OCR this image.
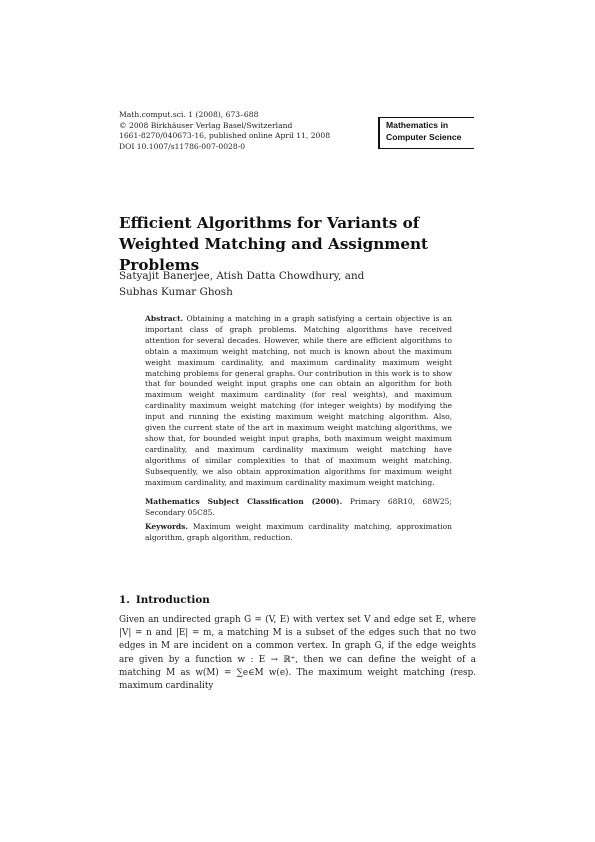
Math.comput.sci. 1 (2008), 673–688
© 2008 Birkhäuser Verlag Basel/Switzerland
1661-8270/040673-16, published online April 11, 2008
DOI 10.1007/s11786-007-0028-0
Mathematics in
Computer Science
Efficient Algorithms for Variants of Weighted Matching and Assignment Problems
Satyajit Banerjee, Atish Datta Chowdhury, and
Subhas Kumar Ghosh
Abstract. Obtaining a matching in a graph satisfying a certain objective is an important class of graph problems. Matching algorithms have received attention for several decades. However, while there are efficient algorithms to obtain a maximum weight matching, not much is known about the maximum weight maximum cardinality, and maximum cardinality maximum weight matching problems for general graphs. Our contribution in this work is to show that for bounded weight input graphs one can obtain an algorithm for both maximum weight maximum cardinality (for real weights), and maximum cardinality maximum weight matching (for integer weights) by modifying the input and running the existing maximum weight matching algorithm. Also, given the current state of the art in maximum weight matching algorithms, we show that, for bounded weight input graphs, both maximum weight maximum cardinality, and maximum cardinality maximum weight matching have algorithms of similar complexities to that of maximum weight matching. Subsequently, we also obtain approximation algorithms for maximum weight maximum cardinality, and maximum cardinality maximum weight matching.
Mathematics Subject Classification (2000). Primary 68R10, 68W25; Secondary 05C85.
Keywords. Maximum weight maximum cardinality matching, approximation algorithm, graph algorithm, reduction.
1. Introduction
Given an undirected graph G = (V, E) with vertex set V and edge set E, where |V| = n and |E| = m, a matching M is a subset of the edges such that no two edges in M are incident on a common vertex. In graph G, if the edge weights are given by a function w : E → ℝ⁺, then we can define the weight of a matching M as w(M) = ∑e∈M w(e). The maximum weight matching (resp. maximum cardinality
